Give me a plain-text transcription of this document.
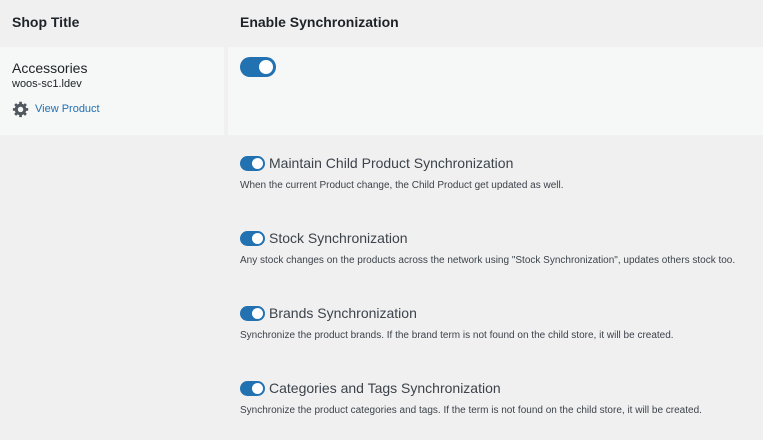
Shop Title	Enable Synchronization
Accessories
woos-sc1.ldev
View Product
Maintain Child Product Synchronization
When the current Product change, the Child Product get updated as well.
Stock Synchronization
Any stock changes on the products across the network using "Stock Synchronization", updates others stock too.
Brands Synchronization
Synchronize the product brands. If the brand term is not found on the child store, it will be created.
Categories and Tags Synchronization
Synchronize the product categories and tags. If the term is not found on the child store, it will be created.
